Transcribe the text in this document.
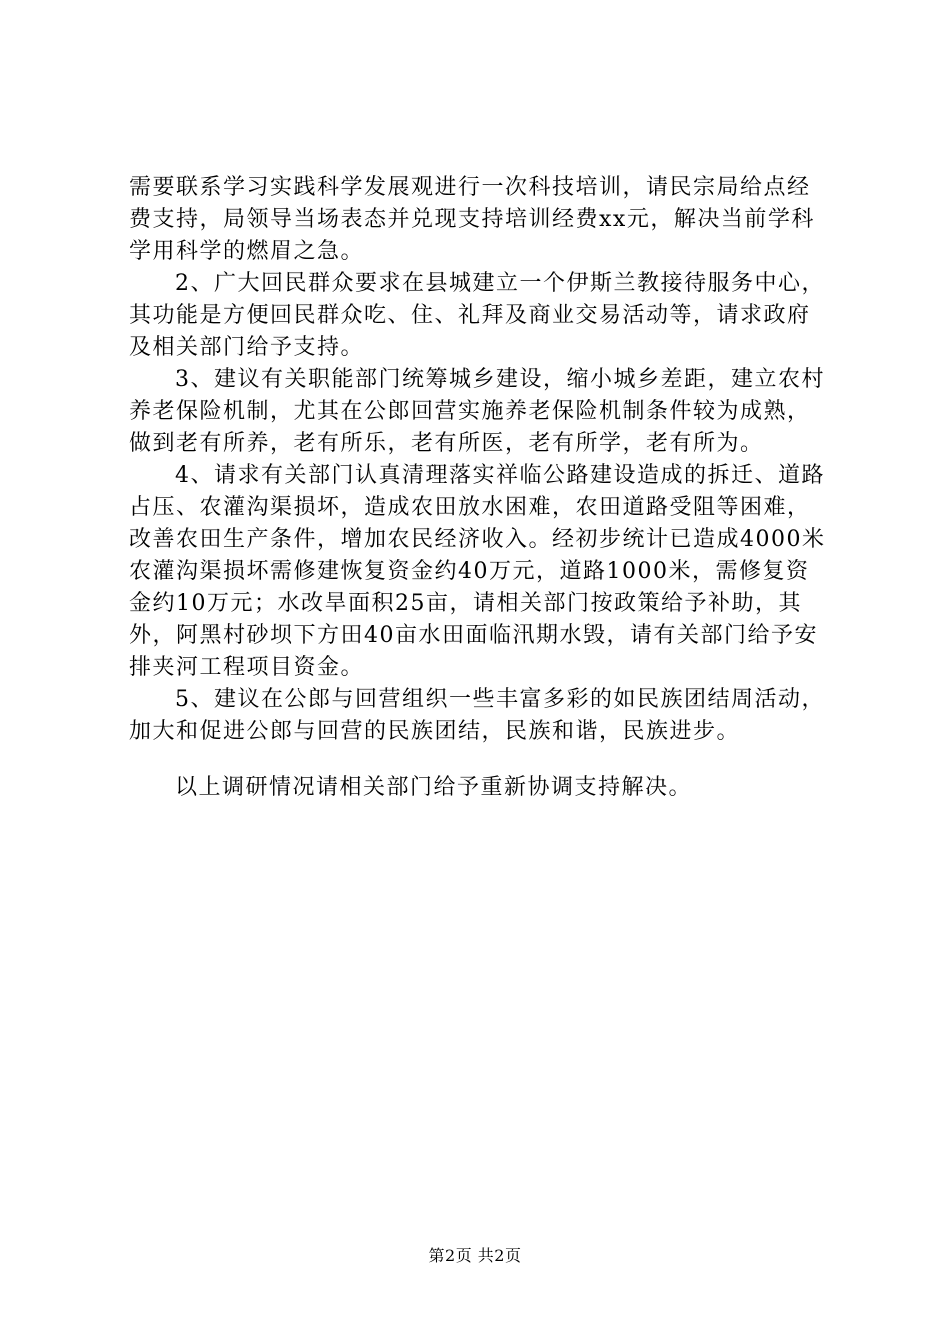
需要联系学习实践科学发展观进行一次科技培训，请民宗局给点经费支持，局领导当场表态并兑现支持培训经费xx元，解决当前学科学用科学的燃眉之急。

2、广大回民群众要求在县城建立一个伊斯兰教接待服务中心，其功能是方便回民群众吃、住、礼拜及商业交易活动等，请求政府及相关部门给予支持。

3、建议有关职能部门统筹城乡建设，缩小城乡差距，建立农村养老保险机制，尤其在公郎回营实施养老保险机制条件较为成熟，做到老有所养，老有所乐，老有所医，老有所学，老有所为。

4、请求有关部门认真清理落实祥临公路建设造成的拆迁、道路占压、农灌沟渠损坏，造成农田放水困难，农田道路受阻等困难，改善农田生产条件，增加农民经济收入。经初步统计已造成4000米农灌沟渠损坏需修建恢复资金约40万元，道路1000米，需修复资金约10万元；水改旱面积25亩，请相关部门按政策给予补助，其外，阿黑村砂坝下方田40亩水田面临汛期水毁，请有关部门给予安排夹河工程项目资金。

5、建议在公郎与回营组织一些丰富多彩的如民族团结周活动，加大和促进公郎与回营的民族团结，民族和谐，民族进步。

以上调研情况请相关部门给予重新协调支持解决。

第2页 共2页
